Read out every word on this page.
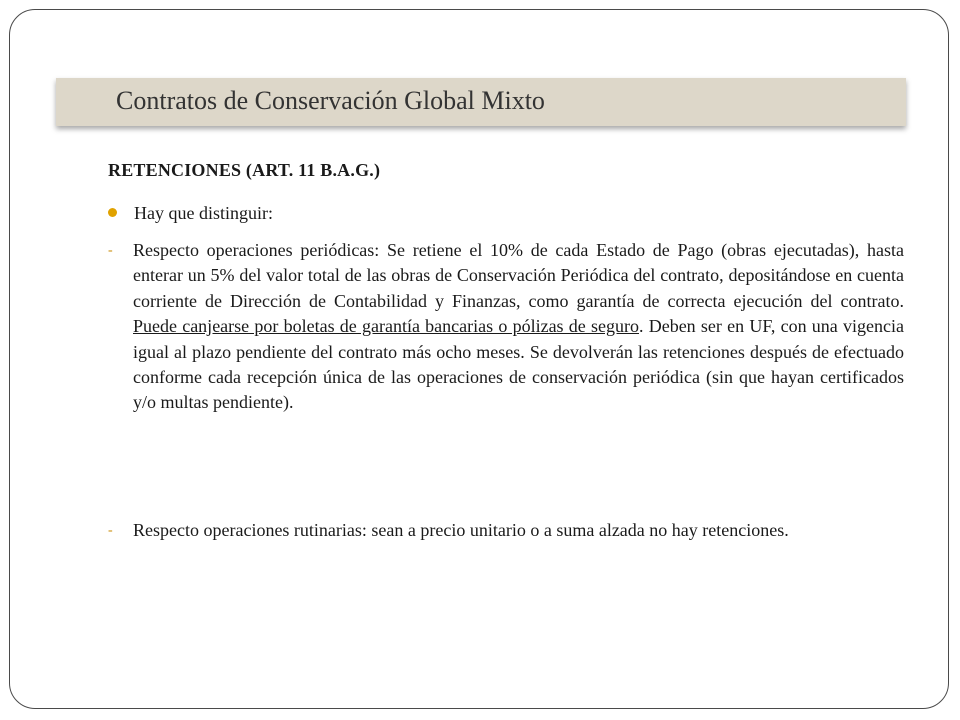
Contratos de Conservación Global Mixto
RETENCIONES (ART. 11 B.A.G.)
Hay que distinguir:
- Respecto operaciones periódicas: Se retiene el 10% de cada Estado de Pago (obras ejecutadas), hasta enterar un 5% del valor total de las obras de Conservación Periódica del contrato, depositándose en cuenta corriente de Dirección de Contabilidad y Finanzas, como garantía de correcta ejecución del contrato. Puede canjearse por boletas de garantía bancarias o pólizas de seguro. Deben ser en UF, con una vigencia igual al plazo pendiente del contrato más ocho meses. Se devolverán las retenciones después de efectuado conforme cada recepción única de las operaciones de conservación periódica (sin que hayan certificados y/o multas pendiente).
- Respecto operaciones rutinarias: sean a precio unitario o a suma alzada no hay retenciones.
